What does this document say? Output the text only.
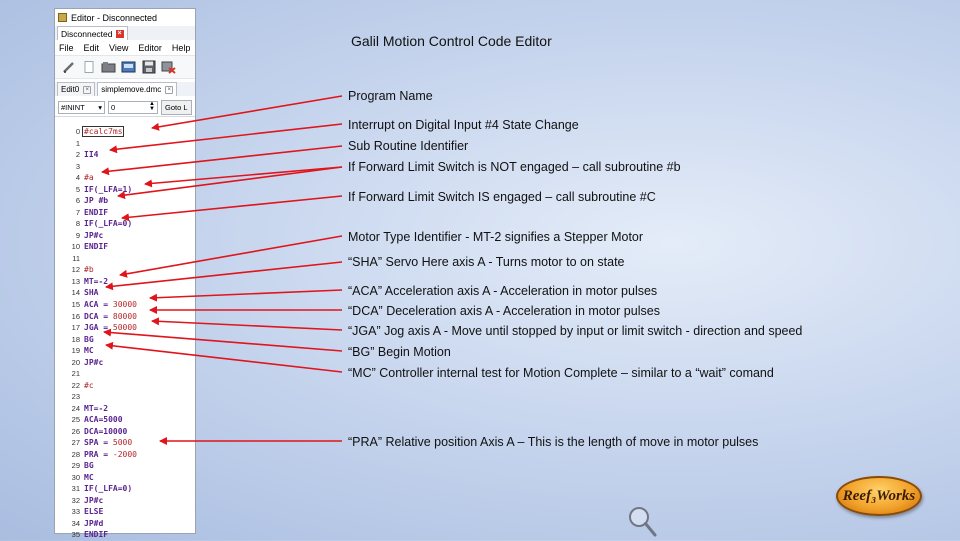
Editor - Disconnected
Disconnected ×
File Edit View Editor Help
Edit0	× simplemove.dmc	×
#ININT ▾ 0	▲
▼	Goto L
0 #calc7ms
1
2 II4
3
4 #a
5 IF(_LFA=1)
6 JP #b
7 ENDIF
8 IF(_LFA=0)
9 JP#c
10 ENDIF
11
12 #b
13 MT=-2
14 SHA
15 ACA = 30000
16 DCA = 80000
17 JGA = 50000
18 BG
19 MC
20 JP#c
21
22 #c
23
24 MT=-2
25 ACA=5000
26 DCA=10000
27 SPA = 5000
28 PRA = -2000
29 BG
30 MC
31 IF(_LFA=0)
32 JP#c
33 ELSE
34 JP#d
35 ENDIF
Galil Motion Control Code Editor
Program Name
Interrupt on Digital Input #4 State Change
Sub Routine Identifier
If Forward Limit Switch is NOT engaged – call subroutine #b
If Forward Limit Switch IS engaged – call subroutine #C
Motor Type Identifier - MT-2 signifies a Stepper Motor
“SHA” Servo Here axis A - Turns motor to on state
“ACA” Acceleration axis A - Acceleration in motor pulses
“DCA” Deceleration axis A - Acceleration in motor pulses
“JGA” Jog axis A - Move until stopped by input or limit switch - direction and speed
“BG” Begin Motion
“MC” Controller internal test for Motion Complete – similar to a “wait” comand
“PRA” Relative position Axis A – This is the length of move in motor pulses
Reef₃Works
